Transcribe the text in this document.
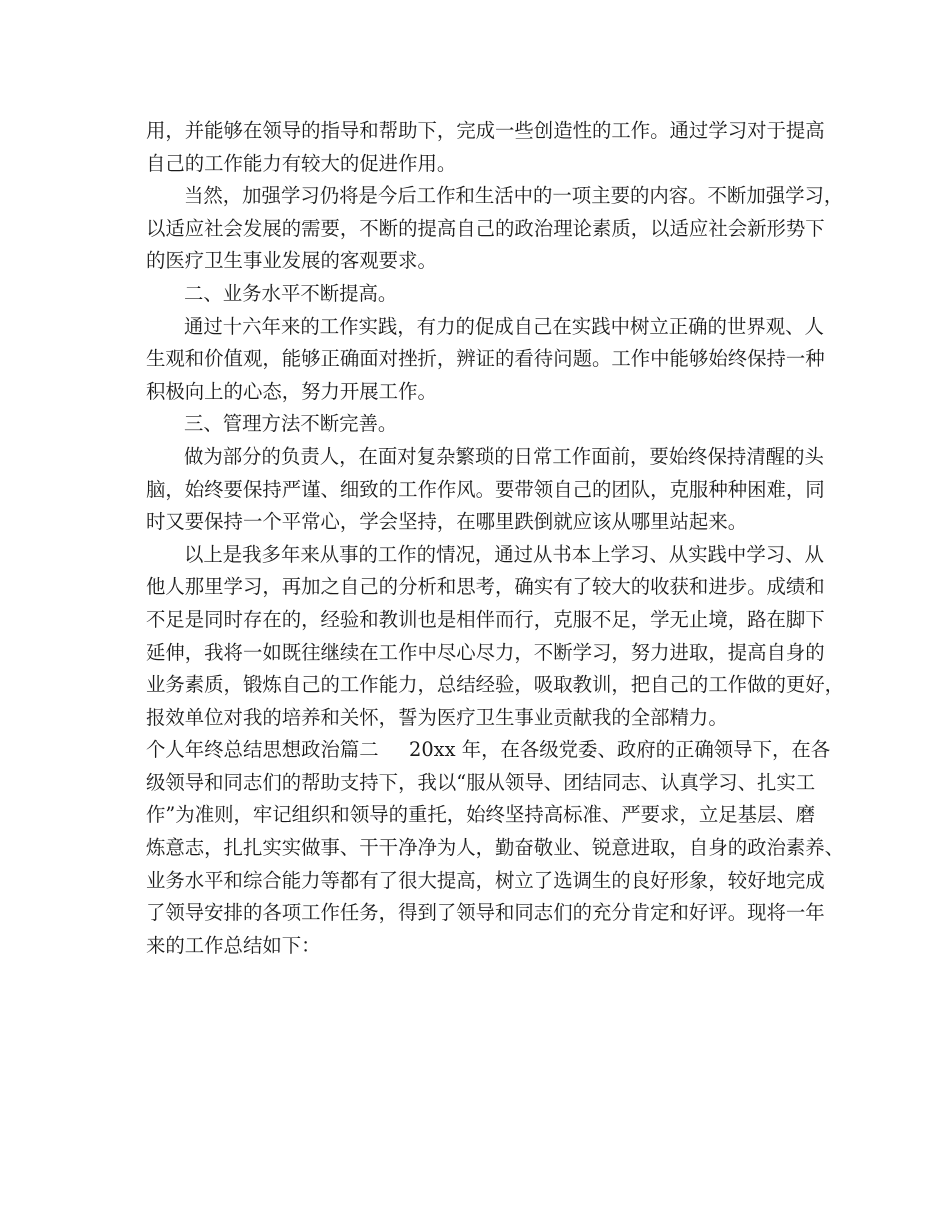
用，并能够在领导的指导和帮助下，完成一些创造性的工作。通过学习对于提高
自己的工作能力有较大的促进作用。
当然，加强学习仍将是今后工作和生活中的一项主要的内容。不断加强学习，
以适应社会发展的需要，不断的提高自己的政治理论素质，以适应社会新形势下
的医疗卫生事业发展的客观要求。
二、业务水平不断提高。
通过十六年来的工作实践，有力的促成自己在实践中树立正确的世界观、人
生观和价值观，能够正确面对挫折，辨证的看待问题。工作中能够始终保持一种
积极向上的心态，努力开展工作。
三、管理方法不断完善。
做为部分的负责人，在面对复杂繁琐的日常工作面前，要始终保持清醒的头
脑，始终要保持严谨、细致的工作作风。要带领自己的团队，克服种种困难，同
时又要保持一个平常心，学会坚持，在哪里跌倒就应该从哪里站起来。
以上是我多年来从事的工作的情况，通过从书本上学习、从实践中学习、从
他人那里学习，再加之自己的分析和思考，确实有了较大的收获和进步。成绩和
不足是同时存在的，经验和教训也是相伴而行，克服不足，学无止境，路在脚下
延伸，我将一如既往继续在工作中尽心尽力，不断学习，努力进取，提高自身的
业务素质，锻炼自己的工作能力，总结经验，吸取教训，把自己的工作做的更好，
报效单位对我的培养和关怀，誓为医疗卫生事业贡献我的全部精力。
个人年终总结思想政治篇二 20xx 年，在各级党委、政府的正确领导下，在各
级领导和同志们的帮助支持下，我以“服从领导、团结同志、认真学习、扎实工
作”为准则，牢记组织和领导的重托，始终坚持高标准、严要求，立足基层、磨
炼意志，扎扎实实做事、干干净净为人，勤奋敬业、锐意进取，自身的政治素养、
业务水平和综合能力等都有了很大提高，树立了选调生的良好形象，较好地完成
了领导安排的各项工作任务，得到了领导和同志们的充分肯定和好评。现将一年
来的工作总结如下：
